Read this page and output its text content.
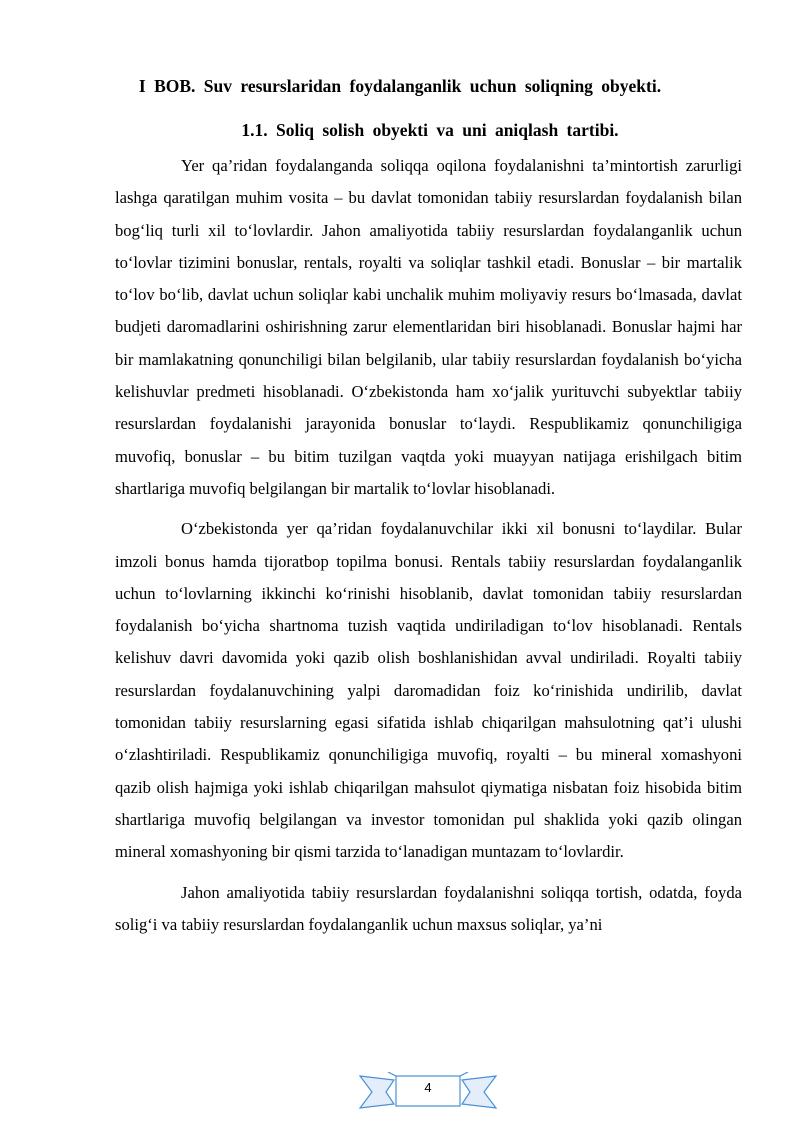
I BOB. Suv resurslaridan foydalanganlik uchun soliqning obyekti.
1.1. Soliq solish obyekti va uni aniqlash tartibi.

Yer qa’ridan foydalanganda soliqqa oqilona foydalanishni ta’mintortish zarurligi lashga qaratilgan muhim vosita – bu davlat tomonidan tabiiy resurslardan foydalanish bilan bog‘liq turli xil to‘lovlardir. Jahon amaliyotida tabiiy resurslardan foydalanganlik uchun to‘lovlar tizimini bonuslar, rentals, royalti va soliqlar tashkil etadi. Bonuslar – bir martalik to‘lov bo‘lib, davlat uchun soliqlar kabi unchalik muhim moliyaviy resurs bo‘lmasada, davlat budjeti daromadlarini oshirishning zarur elementlaridan biri hisoblanadi. Bonuslar hajmi har bir mamlakatning qonunchiligi bilan belgilanib, ular tabiiy resurslardan foydalanish bo‘yicha kelishuvlar predmeti hisoblanadi. O‘zbekistonda ham xo‘jalik yurituvchi subyektlar tabiiy resurslardan foydalanishi jarayonida bonuslar to‘laydi. Respublikamiz qonunchiligiga muvofiq, bonuslar – bu bitim tuzilgan vaqtda yoki muayyan natijaga erishilgach bitim shartlariga muvofiq belgilangan bir martalik to‘lovlar hisoblanadi.

O‘zbekistonda yer qa’ridan foydalanuvchilar ikki xil bonusni to‘laydilar. Bular imzoli bonus hamda tijoratbop topilma bonusi. Rentals tabiiy resurslardan foydalanganlik uchun to‘lovlarning ikkinchi ko‘rinishi hisoblanib, davlat tomonidan tabiiy resurslardan foydalanish bo‘yicha shartnoma tuzish vaqtida undiriladigan to‘lov hisoblanadi. Rentals kelishuv davri davomida yoki qazib olish boshlanishidan avval undiriladi. Royalti tabiiy resurslardan foydalanuvchining yalpi daromadidan foiz ko‘rinishida undirilib, davlat tomonidan tabiiy resurslarning egasi sifatida ishlab chiqarilgan mahsulotning qat’i ulushi o‘zlashtiriladi. Respublikamiz qonunchiligiga muvofiq, royalti – bu mineral xomashyoni qazib olish hajmiga yoki ishlab chiqarilgan mahsulot qiymatiga nisbatan foiz hisobida bitim shartlariga muvofiq belgilangan va investor tomonidan pul shaklida yoki qazib olingan mineral xomashyoning bir qismi tarzida to‘lanadigan muntazam to‘lovlardir.

Jahon amaliyotida tabiiy resurslardan foydalanishni soliqqa tortish, odatda, foyda solig‘i va tabiiy resurslardan foydalanganlik uchun maxsus soliqlar, ya’ni

4
